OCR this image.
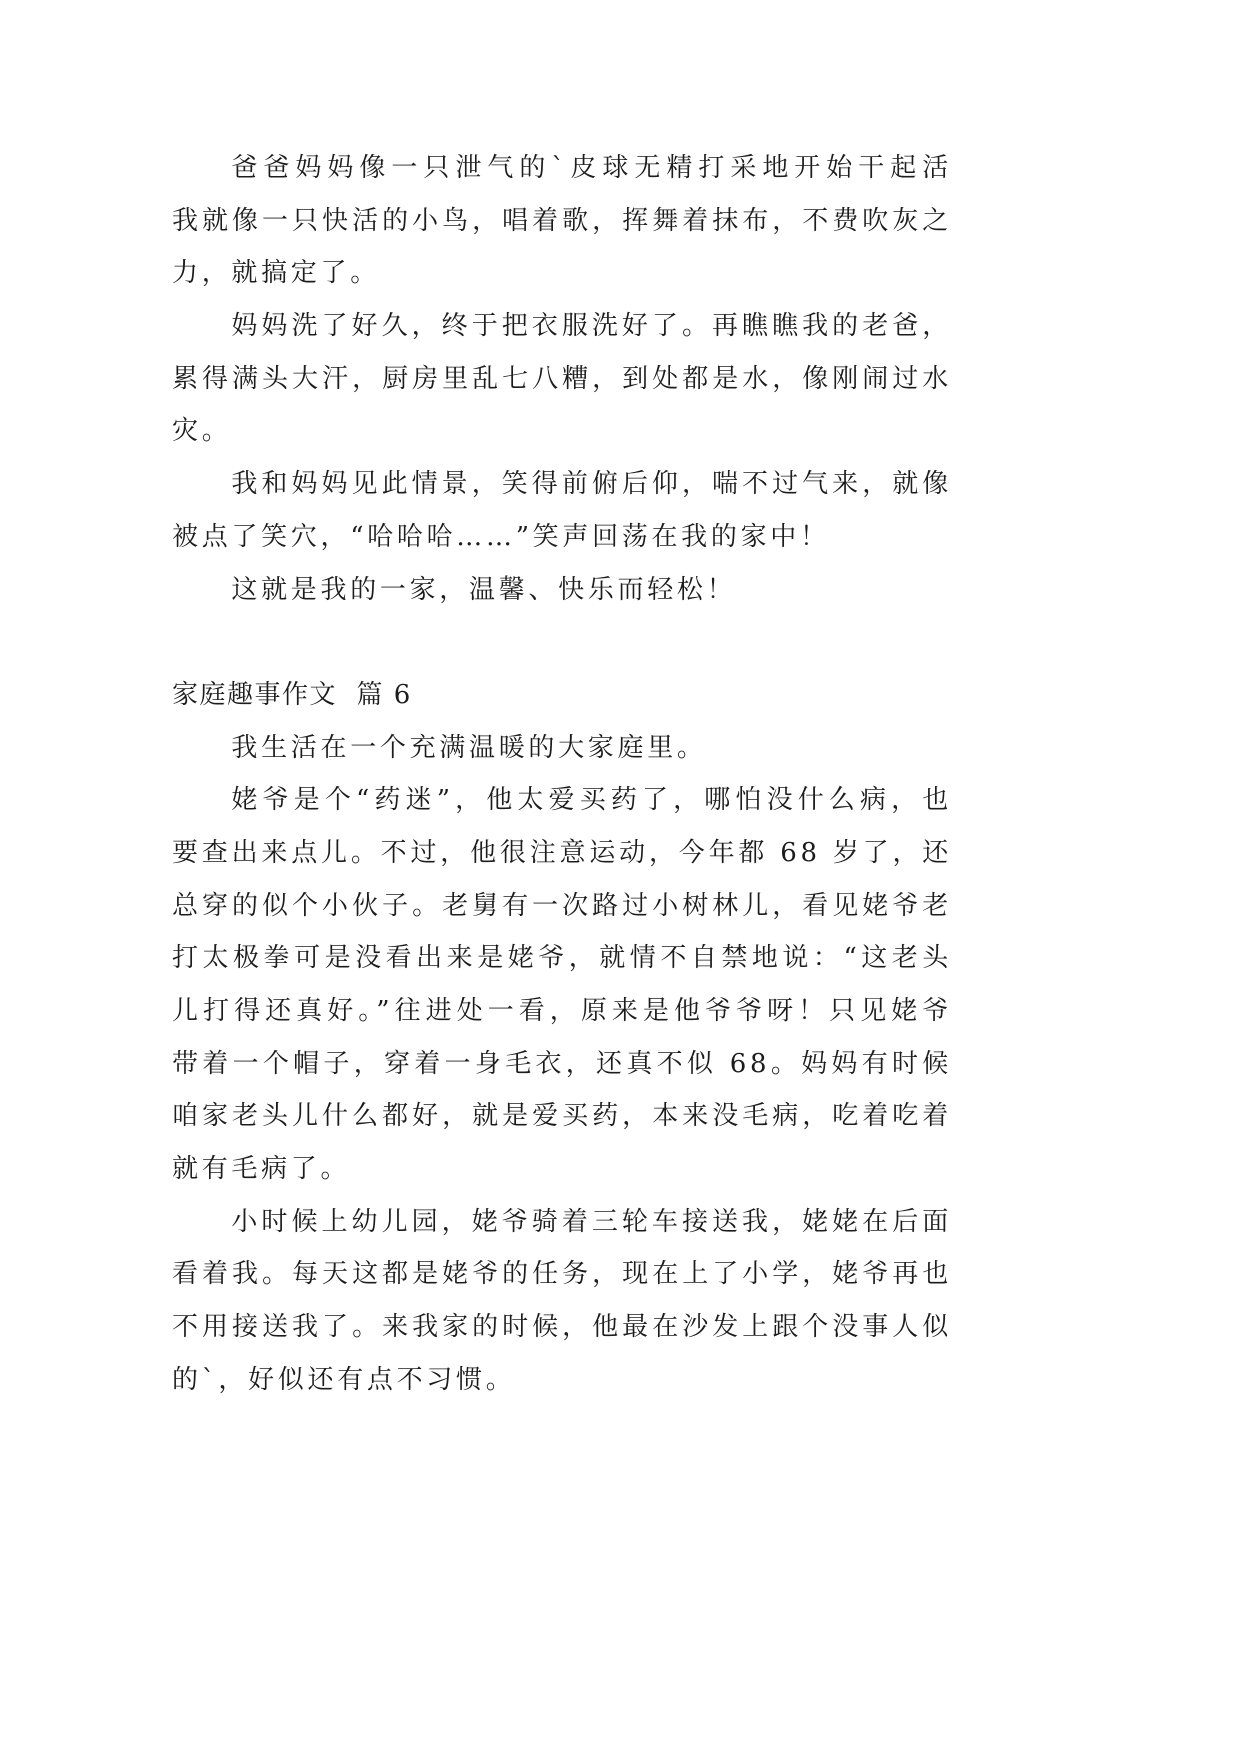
爸爸妈妈像一只泄气的`皮球无精打采地开始干起活
我就像一只快活的小鸟，唱着歌，挥舞着抹布，不费吹灰之
力，就搞定了。
妈妈洗了好久，终于把衣服洗好了。再瞧瞧我的老爸，
累得满头大汗，厨房里乱七八糟，到处都是水，像刚闹过水
灾。
我和妈妈见此情景，笑得前俯后仰，喘不过气来，就像
被点了笑穴，“哈哈哈……”笑声回荡在我的家中！
这就是我的一家，温馨、快乐而轻松！
家庭趣事作文  篇 6
我生活在一个充满温暖的大家庭里。
姥爷是个“药迷”，他太爱买药了，哪怕没什么病，也
要查出来点儿。不过，他很注意运动，今年都 68 岁了，还
总穿的似个小伙子。老舅有一次路过小树林儿，看见姥爷老
打太极拳可是没看出来是姥爷，就情不自禁地说：“这老头
儿打得还真好。”往进处一看，原来是他爷爷呀！只见姥爷
带着一个帽子，穿着一身毛衣，还真不似 68。妈妈有时候
咱家老头儿什么都好，就是爱买药，本来没毛病，吃着吃着
就有毛病了。
小时候上幼儿园，姥爷骑着三轮车接送我，姥姥在后面
看着我。每天这都是姥爷的任务，现在上了小学，姥爷再也
不用接送我了。来我家的时候，他最在沙发上跟个没事人似
的`，好似还有点不习惯。
